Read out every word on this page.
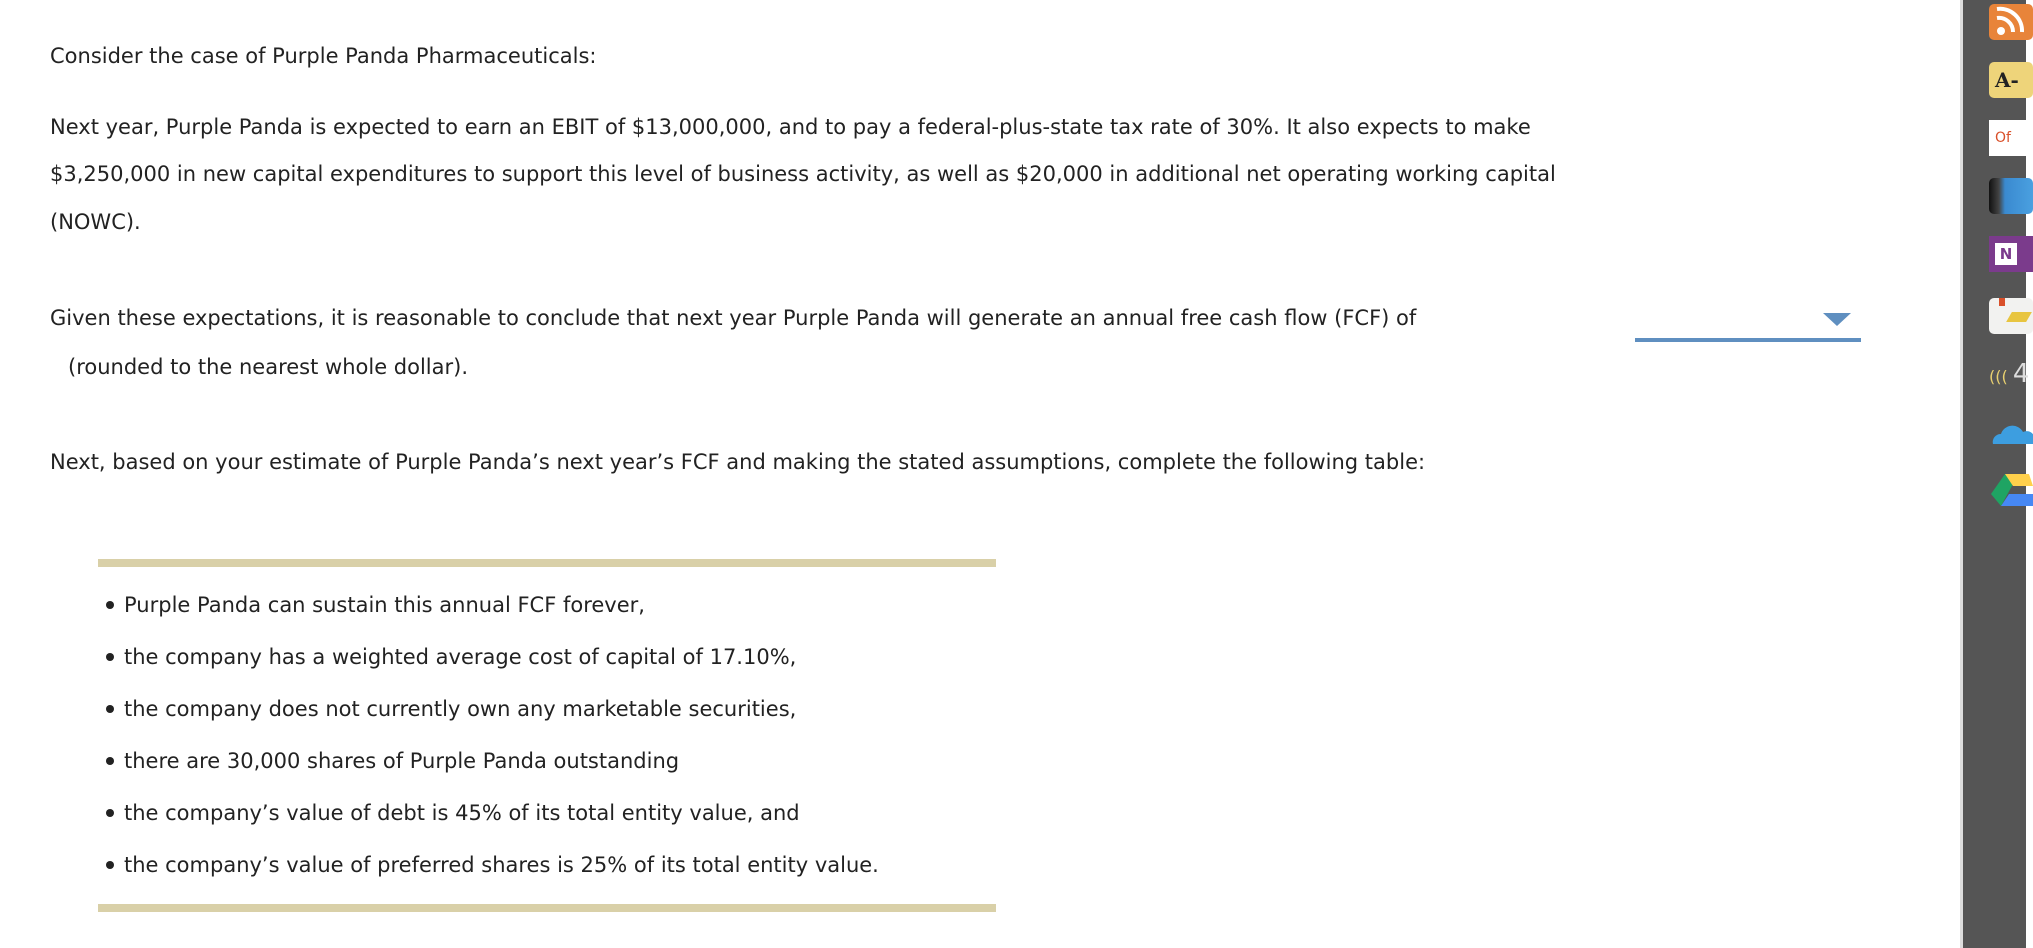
Consider the case of Purple Panda Pharmaceuticals:
Next year, Purple Panda is expected to earn an EBIT of $13,000,000, and to pay a federal-plus-state tax rate of 30%. It also expects to make
$3,250,000 in new capital expenditures to support this level of business activity, as well as $20,000 in additional net operating working capital
(NOWC).
Given these expectations, it is reasonable to conclude that next year Purple Panda will generate an annual free cash flow (FCF) of
(rounded to the nearest whole dollar).
Next, based on your estimate of Purple Panda’s next year’s FCF and making the stated assumptions, complete the following table:
Purple Panda can sustain this annual FCF forever,
the company has a weighted average cost of capital of 17.10%,
the company does not currently own any marketable securities,
there are 30,000 shares of Purple Panda outstanding
the company’s value of debt is 45% of its total entity value, and
the company’s value of preferred shares is 25% of its total entity value.
A-
Of
N
((( 4
